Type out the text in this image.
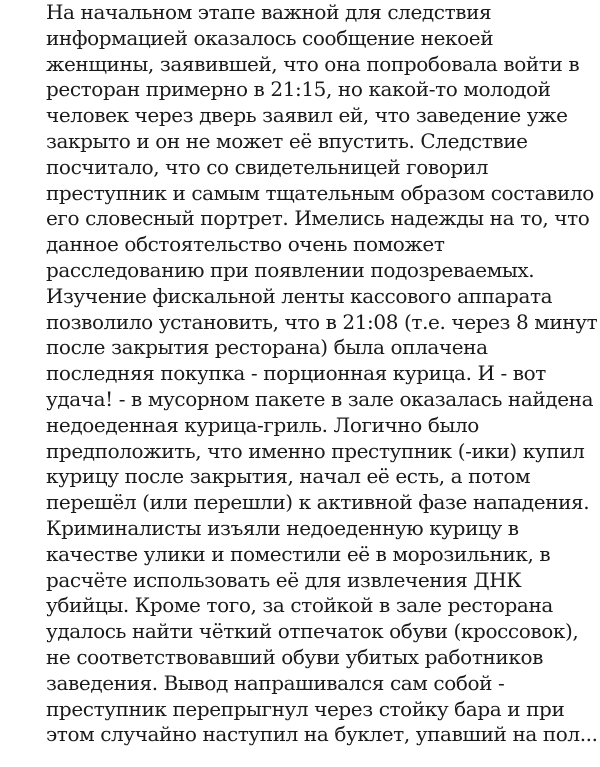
На начальном этапе важной для следствия
информацией оказалось сообщение некоей
женщины, заявившей, что она попробовала войти в
ресторан примерно в 21:15, но какой-то молодой
человек через дверь заявил ей, что заведение уже
закрыто и он не может её впустить. Следствие
посчитало, что со свидетельницей говорил
преступник и самым тщательным образом составило
его словесный портрет. Имелись надежды на то, что
данное обстоятельство очень поможет
расследованию при появлении подозреваемых.
Изучение фискальной ленты кассового аппарата
позволило установить, что в 21:08 (т.е. через 8 минут
после закрытия ресторана) была оплачена
последняя покупка - порционная курица. И - вот
удача! - в мусорном пакете в зале оказалась найдена
недоеденная курица-гриль. Логично было
предположить, что именно преступник (-ики) купил
курицу после закрытия, начал её есть, а потом
перешёл (или перешли) к активной фазе нападения.
Криминалисты изъяли недоеденную курицу в
качестве улики и поместили её в морозильник, в
расчёте использовать её для извлечения ДНК
убийцы. Кроме того, за стойкой в зале ресторана
удалось найти чёткий отпечаток обуви (кроссовок),
не соответствовавший обуви убитых работников
заведения. Вывод напрашивался сам собой -
преступник перепрыгнул через стойку бара и при
этом случайно наступил на буклет, упавший на пол...
